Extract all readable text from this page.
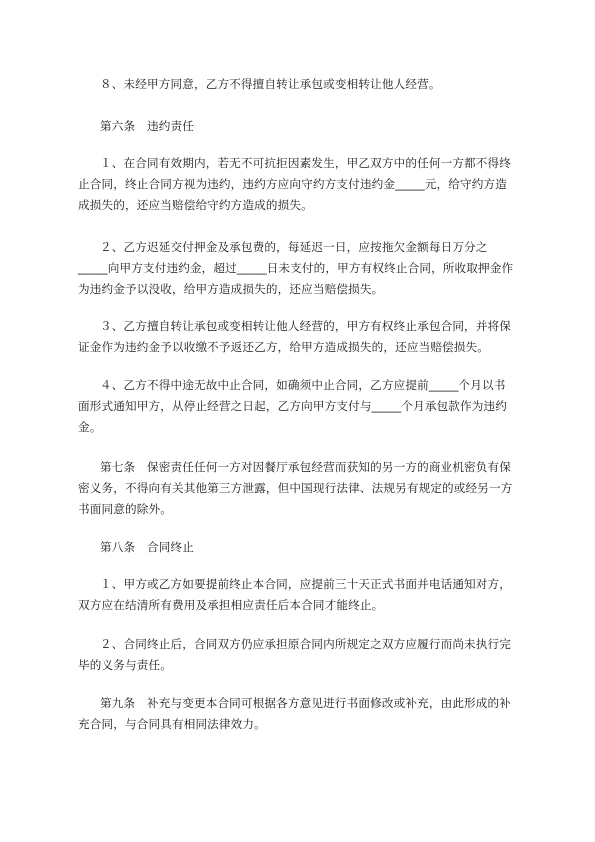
８、未经甲方同意，乙方不得擅自转让承包或变相转让他人经营。

第六条　违约责任

１、在合同有效期内，若无不可抗拒因素发生，甲乙双方中的任何一方都不得终
止合同，终止合同方视为违约，违约方应向守约方支付违约金_____元，给守约方造
成损失的，还应当赔偿给守约方造成的损失。

２、乙方迟延交付押金及承包费的，每延迟一日，应按拖欠金额每日万分之
_____向甲方支付违约金，超过_____日未支付的，甲方有权终止合同，所收取押金作
为违约金予以没收，给甲方造成损失的，还应当赔偿损失。

３、乙方擅自转让承包或变相转让他人经营的，甲方有权终止承包合同，并将保
证金作为违约金予以收缴不予返还乙方，给甲方造成损失的，还应当赔偿损失。

４、乙方不得中途无故中止合同，如确须中止合同，乙方应提前_____个月以书
面形式通知甲方，从停止经营之日起，乙方向甲方支付与_____个月承包款作为违约
金。

第七条　保密责任任何一方对因餐厅承包经营而获知的另一方的商业机密负有保
密义务，不得向有关其他第三方泄露，但中国现行法律、法规另有规定的或经另一方
书面同意的除外。

第八条　合同终止

１、甲方或乙方如要提前终止本合同，应提前三十天正式书面并电话通知对方，
双方应在结清所有费用及承担相应责任后本合同才能终止。

２、合同终止后，合同双方仍应承担原合同内所规定之双方应履行而尚未执行完
毕的义务与责任。

第九条　补充与变更本合同可根据各方意见进行书面修改或补充，由此形成的补
充合同，与合同具有相同法律效力。
